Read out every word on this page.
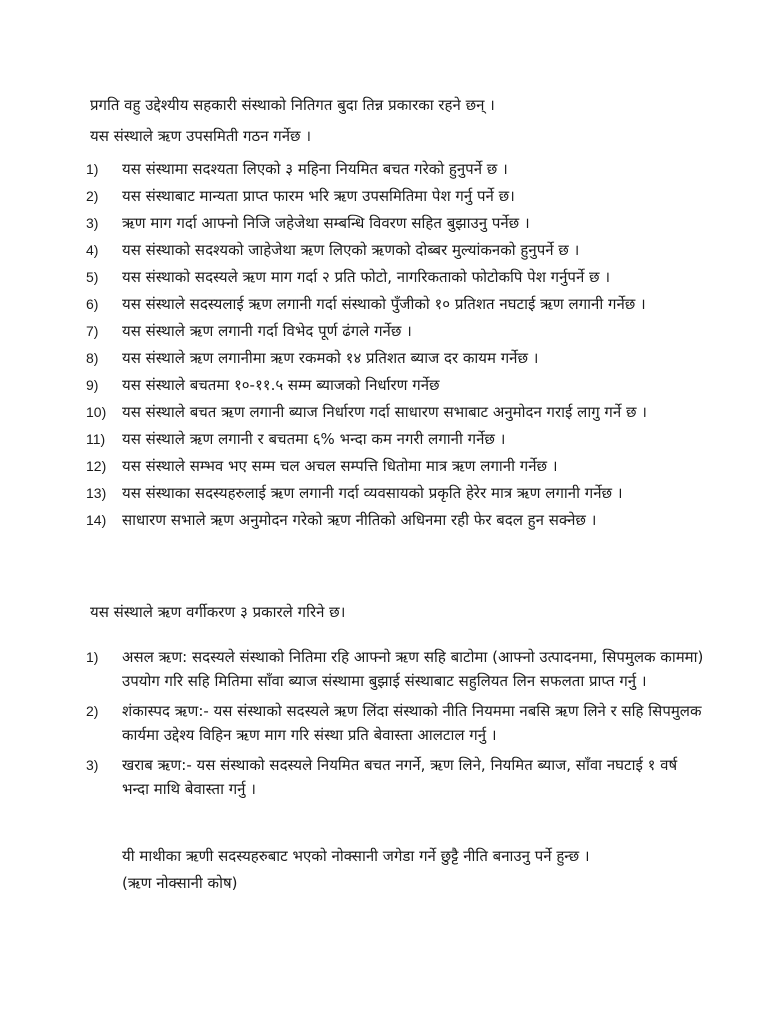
प्रगति वहु उद्देश्यीय सहकारी संस्थाको नितिगत बुदा तिन्न प्रकारका रहने छन् ।
यस संस्थाले ऋण उपसमिती गठन गर्नेछ ।
1)	यस संस्थामा सदश्यता लिएको ३ महिना नियमित बचत गरेको हुनुपर्ने छ ।
2)	यस संस्थाबाट मान्यता प्राप्त फारम भरि ऋण उपसमितिमा पेश गर्नु पर्ने छ।
3)	ऋण माग गर्दा आफ्नो निजि जहेजेथा सम्बन्धि विवरण सहित बुझाउनु पर्नेछ ।
4)	यस संस्थाको सदश्यको जाहेजेथा ऋण लिएको ऋणको दोब्बर मुल्यांकनको हुनुपर्ने छ ।
5)	यस संस्थाको सदस्यले ऋण माग गर्दा २ प्रति फोटो, नागरिकताको फोटोकपि पेश गर्नुपर्ने छ ।
6)	यस संस्थाले सदस्यलाई ऋण लगानी गर्दा संस्थाको पुँजीको १० प्रतिशत नघटाई ऋण लगानी गर्नेछ ।
7)	यस संस्थाले ऋण लगानी गर्दा विभेद पूर्ण ढंगले गर्नेछ ।
8)	यस संस्थाले ऋण लगानीमा ऋण रकमको १४ प्रतिशत ब्याज दर कायम गर्नेछ ।
9)	यस संस्थाले बचतमा १०-११.५ सम्म ब्याजको निर्धारण गर्नेछ
10)	यस संस्थाले बचत ऋण लगानी ब्याज निर्धारण गर्दा साधारण सभाबाट अनुमोदन गराई लागु गर्ने छ ।
11)	यस संस्थाले ऋण लगानी र बचतमा ६% भन्दा कम नगरी लगानी गर्नेछ ।
12)	यस संस्थाले सम्भव भए सम्म चल अचल सम्पत्ति धितोमा मात्र ऋण लगानी गर्नेछ ।
13)	यस संस्थाका सदस्यहरुलाई ऋण लगानी गर्दा व्यवसायको प्रकृति हेरेर मात्र ऋण लगानी गर्नेछ ।
14)	साधारण सभाले ऋण अनुमोदन गरेको ऋण नीतिको अधिनमा रही फेर बदल हुन सक्नेछ ।
यस संस्थाले ऋण वर्गीकरण ३ प्रकारले गरिने छ।
1)	असल ऋण: सदस्यले संस्थाको नितिमा रहि आफ्नो ऋण सहि बाटोमा (आफ्नो उत्पादनमा, सिपमुलक काममा) उपयोग गरि सहि मितिमा साँवा ब्याज संस्थामा बुझाई संस्थाबाट सहुलियत लिन सफलता प्राप्त गर्नु ।
2)	शंकास्पद ऋण:- यस संस्थाको सदस्यले ऋण लिंदा संस्थाको नीति नियममा नबसि ऋण लिने र सहि सिपमुलक कार्यमा उद्देश्य विहिन ऋण माग गरि संस्था प्रति बेवास्ता आलटाल गर्नु ।
3)	खराब ऋण:- यस संस्थाको सदस्यले नियमित बचत नगर्ने, ऋण लिने, नियमित ब्याज, साँवा नघटाई १ वर्ष भन्दा माथि बेवास्ता गर्नु ।
यी माथीका ऋणी सदस्यहरुबाट भएको नोक्सानी जगेडा गर्ने छुट्टै नीति बनाउनु पर्ने हुन्छ ।
(ऋण नोक्सानी कोष)
